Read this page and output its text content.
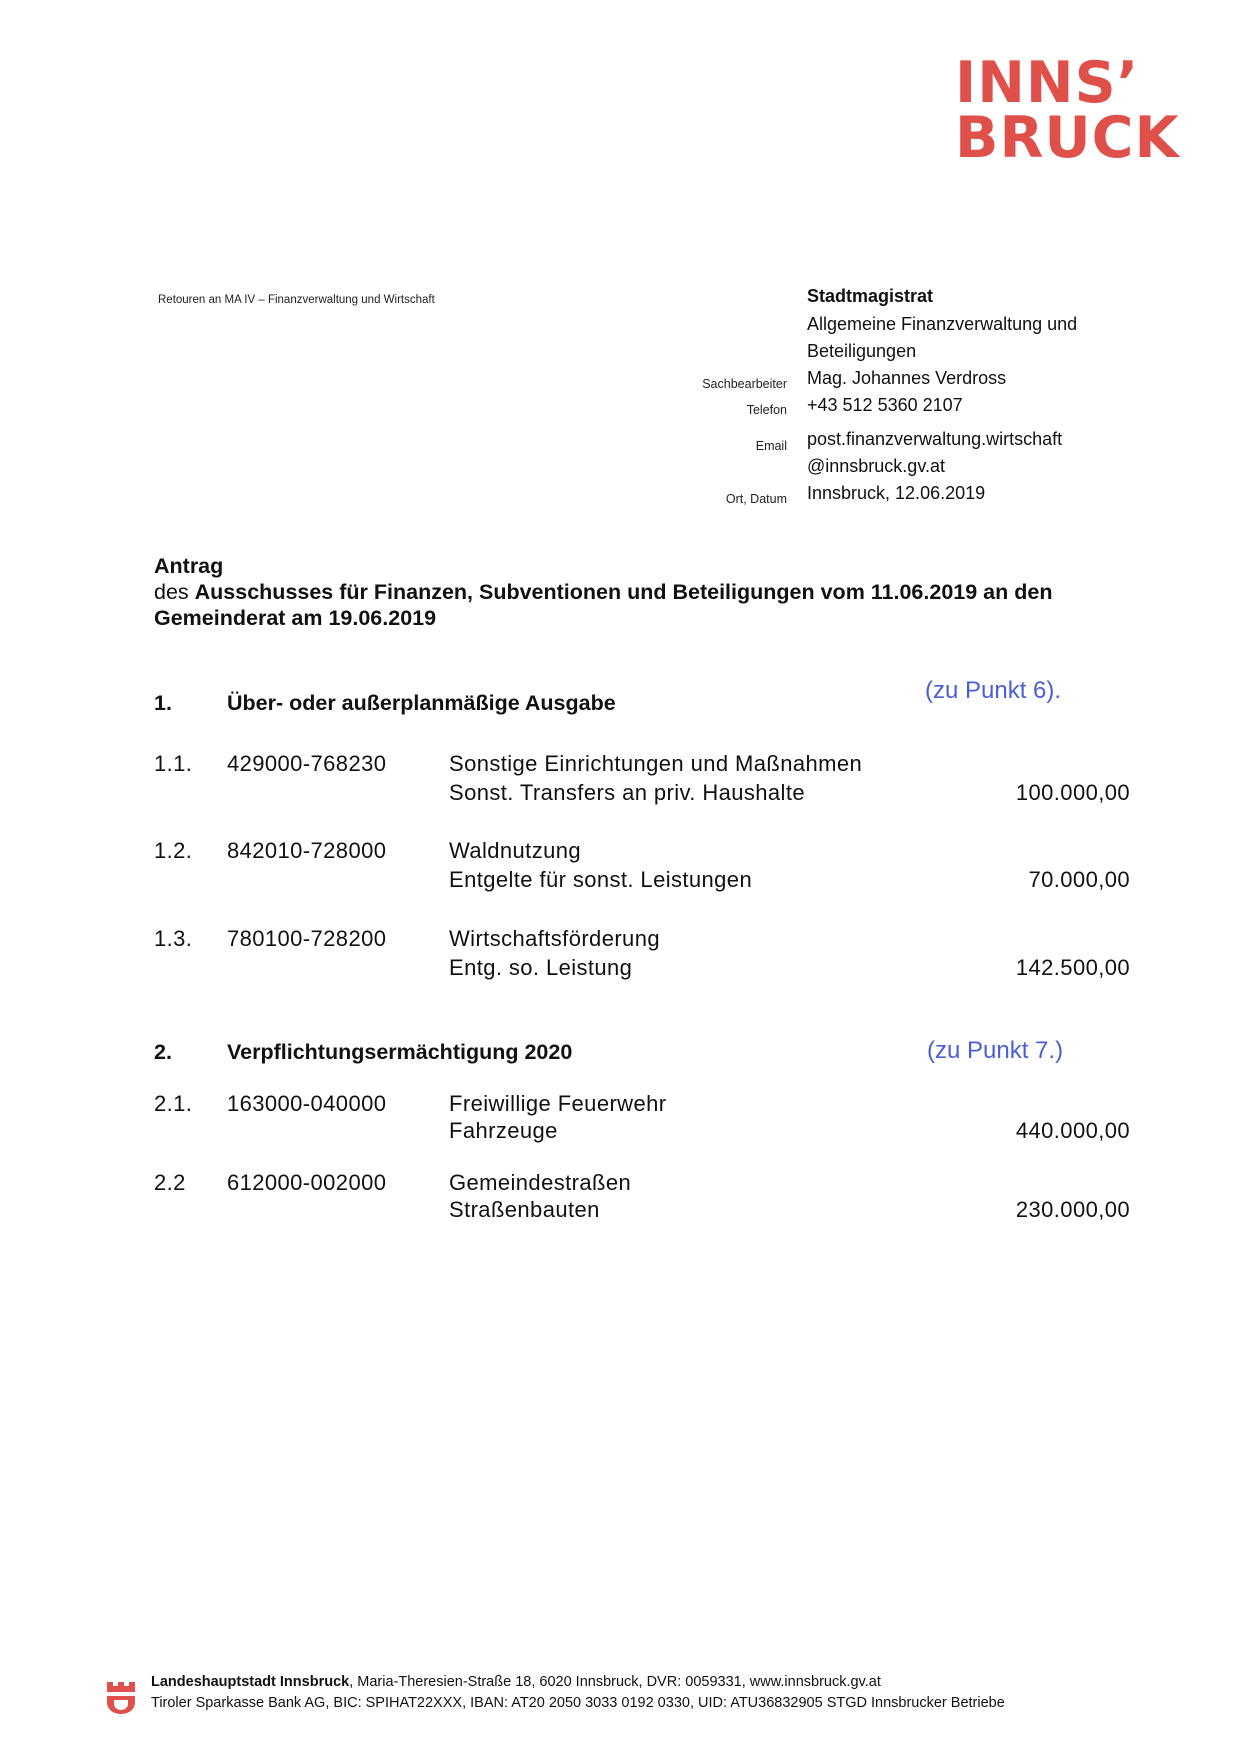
INNS’
BRUCK
Retouren an MA IV – Finanzverwaltung und Wirtschaft	Stadtmagistrat
Allgemeine Finanzverwaltung und
Beteiligungen
Sachbearbeiter Mag. Johannes Verdross
Telefon +43 512 5360 2107
Email post.finanzverwaltung.wirtschaft
@innsbruck.gv.at
Ort, Datum Innsbruck, 12.06.2019
Antrag
des Ausschusses für Finanzen, Subventionen und Beteiligungen vom 11.06.2019 an den
Gemeinderat am 19.06.2019
1.	Über- oder außerplanmäßige Ausgabe	(zu Punkt 6).
1.1. 429000-768230	Sonstige Einrichtungen und Maßnahmen
Sonst. Transfers an priv. Haushalte	100.000,00
1.2. 842010-728000	Waldnutzung
Entgelte für sonst. Leistungen	70.000,00
1.3. 780100-728200	Wirtschaftsförderung
Entg. so. Leistung	142.500,00
2.	Verpflichtungsermächtigung 2020	(zu Punkt 7.)
2.1. 163000-040000	Freiwillige Feuerwehr
Fahrzeuge	440.000,00
2.2 612000-002000	Gemeindestraßen
Straßenbauten	230.000,00
Landeshauptstadt Innsbruck, Maria-Theresien-Straße 18, 6020 Innsbruck, DVR: 0059331, www.innsbruck.gv.at
Tiroler Sparkasse Bank AG, BIC: SPIHAT22XXX, IBAN: AT20 2050 3033 0192 0330, UID: ATU36832905 STGD Innsbrucker Betriebe
